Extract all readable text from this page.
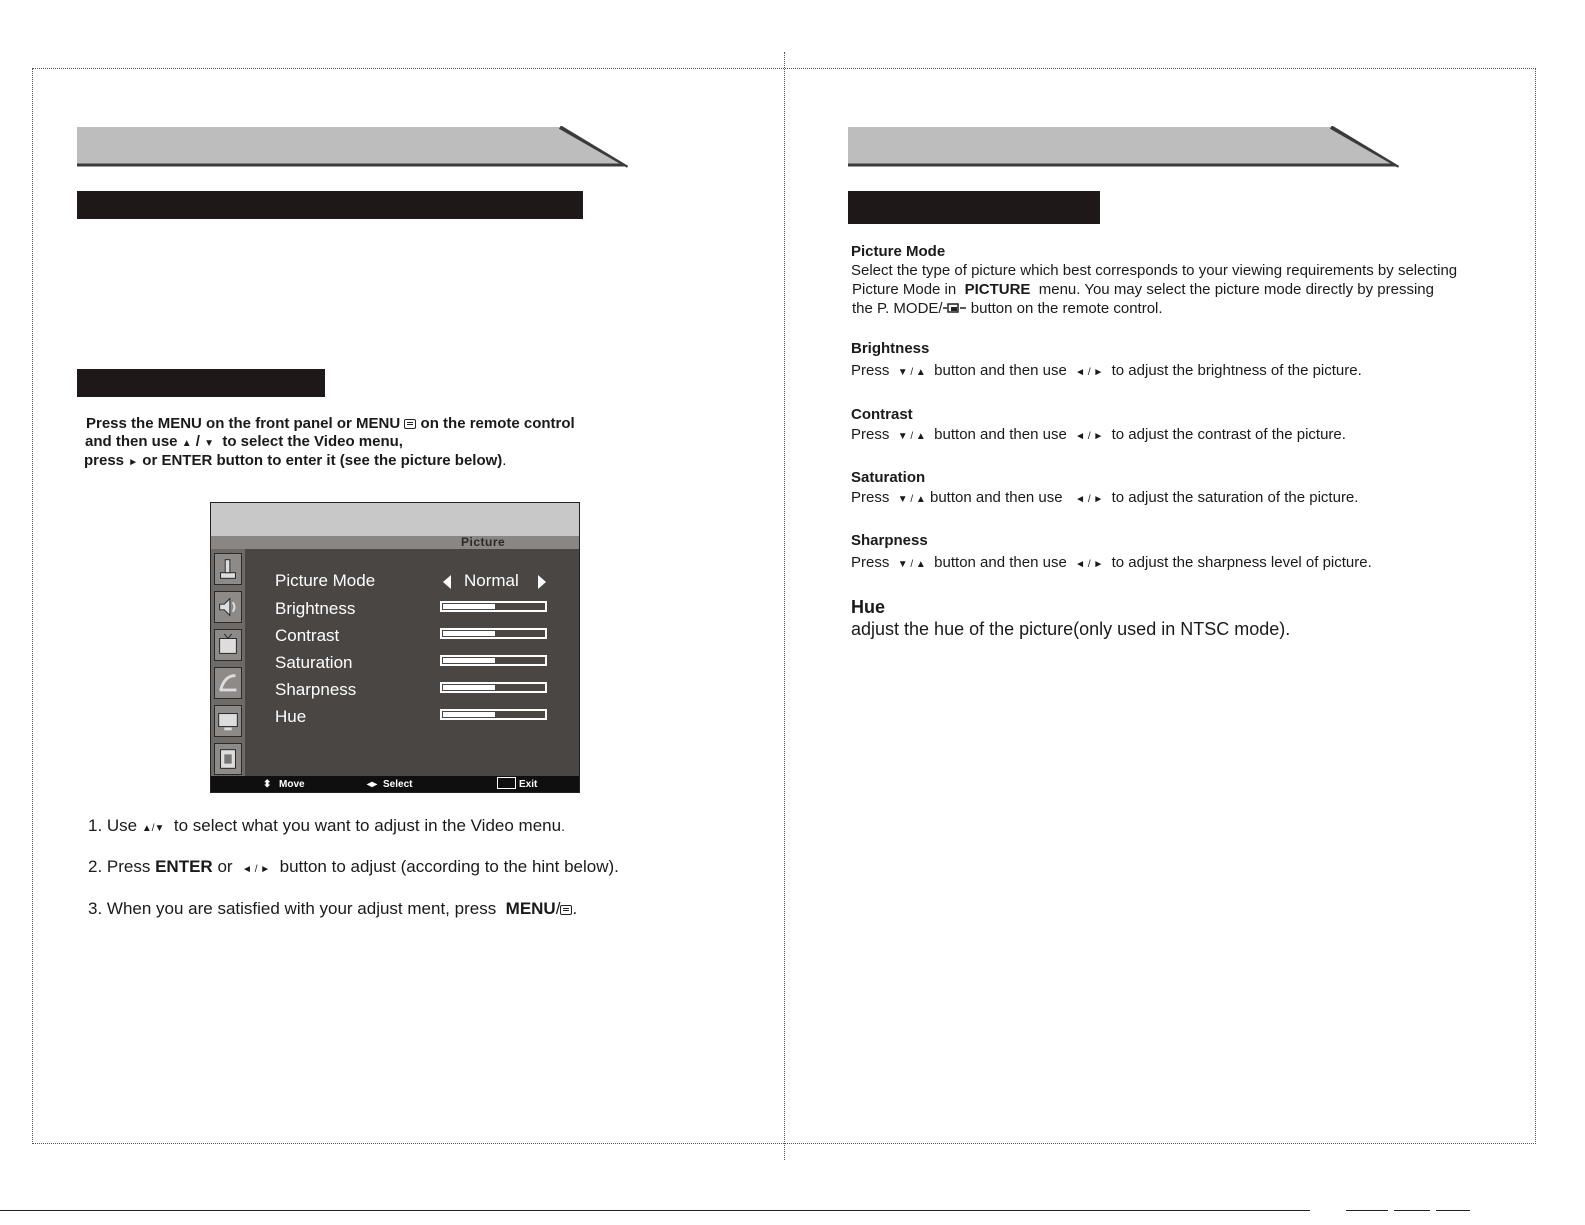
Press the MENU on the front panel or MENU on the remote control
and then use ▲ / ▼ to select the Video menu,
press ► or ENTER button to enter it (see the picture below).
Picture
Picture Mode	Normal
Brightness
Contrast
Saturation
Sharpness
Hue
⬍ Move	◂▸ Select	Exit
1. Use ▲/▼ to select what you want to adjust in the Video menu.
2. Press ENTER or ◄ / ► button to adjust (according to the hint below).
3. When you are satisfied with your adjust ment, press MENU/ .
Picture Mode
Select the type of picture which best corresponds to your viewing requirements by selecting
Picture Mode in PICTURE menu. You may select the picture mode directly by pressing
the P. MODE/ button on the remote control.
Brightness
Press ▼ / ▲ button and then use ◄ / ► to adjust the brightness of the picture.
Contrast
Press ▼ / ▲ button and then use ◄ / ► to adjust the contrast of the picture.
Saturation
Press ▼ / ▲ button and then use ◄ / ► to adjust the saturation of the picture.
Sharpness
Press ▼ / ▲ button and then use ◄ / ► to adjust the sharpness level of picture.
Hue
adjust the hue of the picture(only used in NTSC mode).
